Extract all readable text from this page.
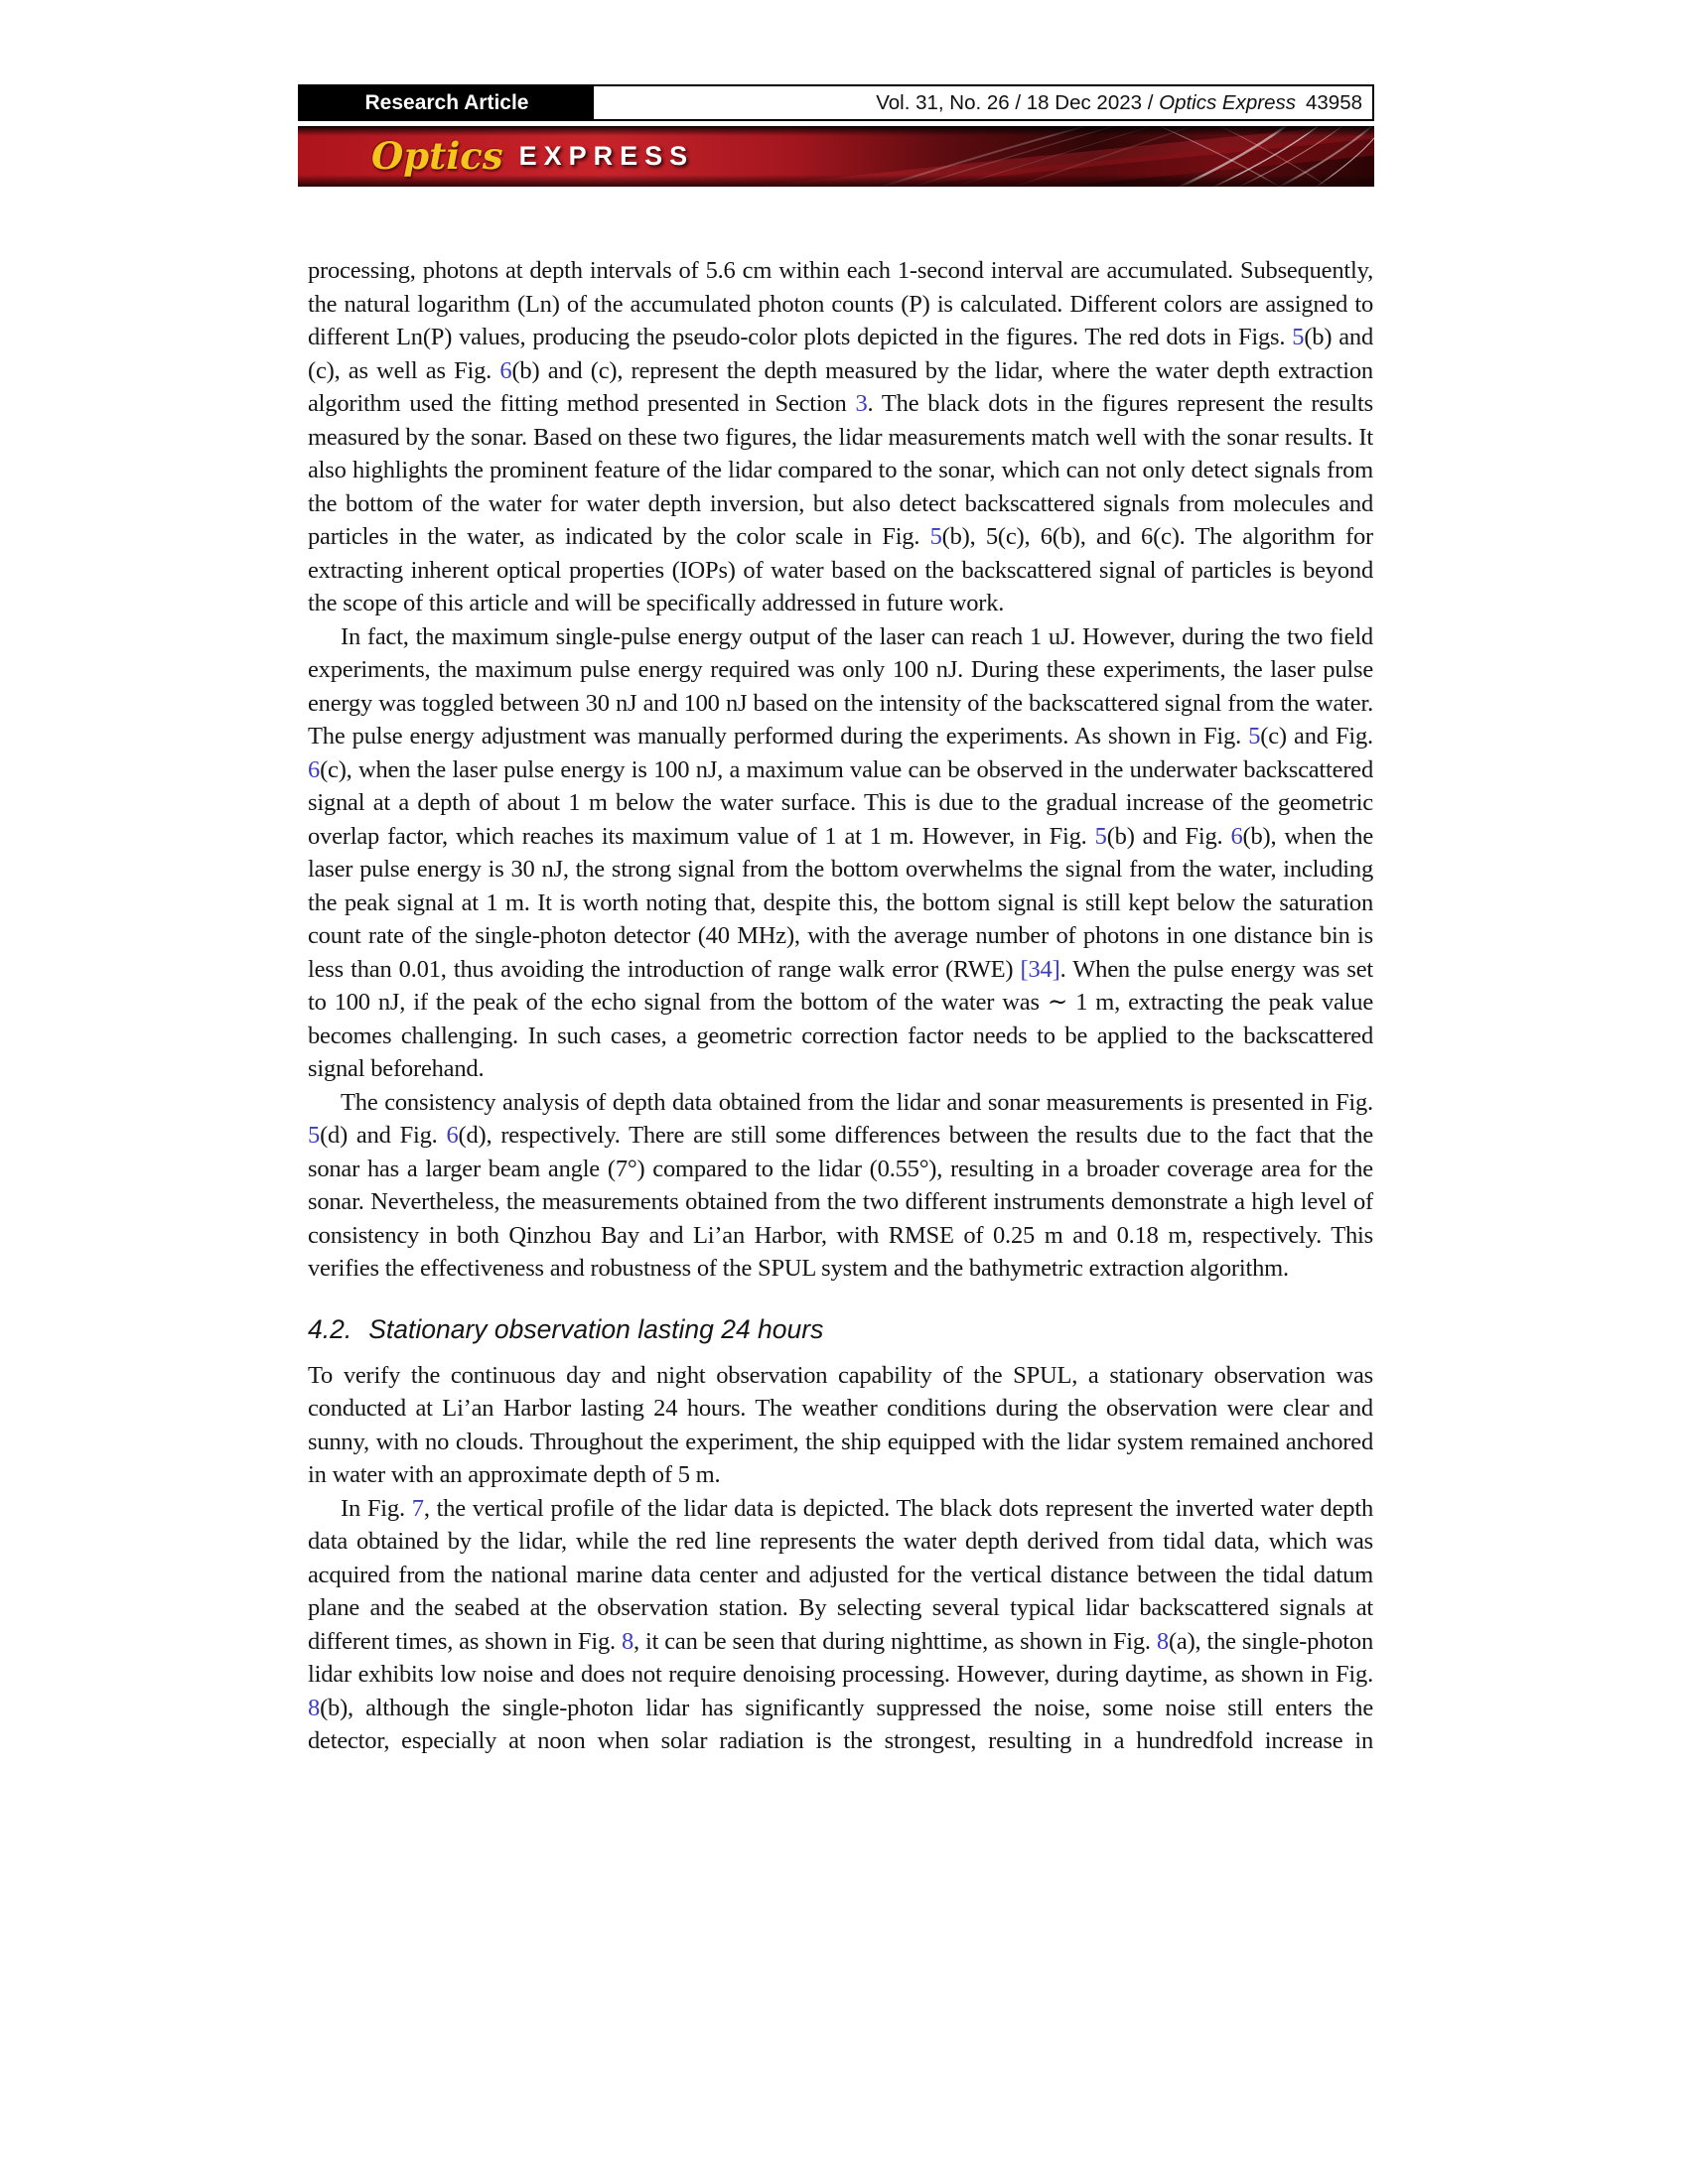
Research Article	Vol. 31, No. 26 / 18 Dec 2023 / Optics Express 43958
Optics EXPRESS

processing, photons at depth intervals of 5.6 cm within each 1-second interval are accumulated. Subsequently, the natural logarithm (Ln) of the accumulated photon counts (P) is calculated. Different colors are assigned to different Ln(P) values, producing the pseudo-color plots depicted in the figures. The red dots in Figs. 5(b) and (c), as well as Fig. 6(b) and (c), represent the depth measured by the lidar, where the water depth extraction algorithm used the fitting method presented in Section 3. The black dots in the figures represent the results measured by the sonar. Based on these two figures, the lidar measurements match well with the sonar results. It also highlights the prominent feature of the lidar compared to the sonar, which can not only detect signals from the bottom of the water for water depth inversion, but also detect backscattered signals from molecules and particles in the water, as indicated by the color scale in Fig. 5(b), 5(c), 6(b), and 6(c). The algorithm for extracting inherent optical properties (IOPs) of water based on the backscattered signal of particles is beyond the scope of this article and will be specifically addressed in future work.

In fact, the maximum single-pulse energy output of the laser can reach 1 uJ. However, during the two field experiments, the maximum pulse energy required was only 100 nJ. During these experiments, the laser pulse energy was toggled between 30 nJ and 100 nJ based on the intensity of the backscattered signal from the water. The pulse energy adjustment was manually performed during the experiments. As shown in Fig. 5(c) and Fig. 6(c), when the laser pulse energy is 100 nJ, a maximum value can be observed in the underwater backscattered signal at a depth of about 1 m below the water surface. This is due to the gradual increase of the geometric overlap factor, which reaches its maximum value of 1 at 1 m. However, in Fig. 5(b) and Fig. 6(b), when the laser pulse energy is 30 nJ, the strong signal from the bottom overwhelms the signal from the water, including the peak signal at 1 m. It is worth noting that, despite this, the bottom signal is still kept below the saturation count rate of the single-photon detector (40 MHz), with the average number of photons in one distance bin is less than 0.01, thus avoiding the introduction of range walk error (RWE) [34]. When the pulse energy was set to 100 nJ, if the peak of the echo signal from the bottom of the water was ∼ 1 m, extracting the peak value becomes challenging. In such cases, a geometric correction factor needs to be applied to the backscattered signal beforehand.

The consistency analysis of depth data obtained from the lidar and sonar measurements is presented in Fig. 5(d) and Fig. 6(d), respectively. There are still some differences between the results due to the fact that the sonar has a larger beam angle (7°) compared to the lidar (0.55°), resulting in a broader coverage area for the sonar. Nevertheless, the measurements obtained from the two different instruments demonstrate a high level of consistency in both Qinzhou Bay and Li’an Harbor, with RMSE of 0.25 m and 0.18 m, respectively. This verifies the effectiveness and robustness of the SPUL system and the bathymetric extraction algorithm.

4.2. Stationary observation lasting 24 hours

To verify the continuous day and night observation capability of the SPUL, a stationary observation was conducted at Li’an Harbor lasting 24 hours. The weather conditions during the observation were clear and sunny, with no clouds. Throughout the experiment, the ship equipped with the lidar system remained anchored in water with an approximate depth of 5 m.

In Fig. 7, the vertical profile of the lidar data is depicted. The black dots represent the inverted water depth data obtained by the lidar, while the red line represents the water depth derived from tidal data, which was acquired from the national marine data center and adjusted for the vertical distance between the tidal datum plane and the seabed at the observation station. By selecting several typical lidar backscattered signals at different times, as shown in Fig. 8, it can be seen that during nighttime, as shown in Fig. 8(a), the single-photon lidar exhibits low noise and does not require denoising processing. However, during daytime, as shown in Fig. 8(b), although the single-photon lidar has significantly suppressed the noise, some noise still enters the detector, especially at noon when solar radiation is the strongest, resulting in a hundredfold increase in
